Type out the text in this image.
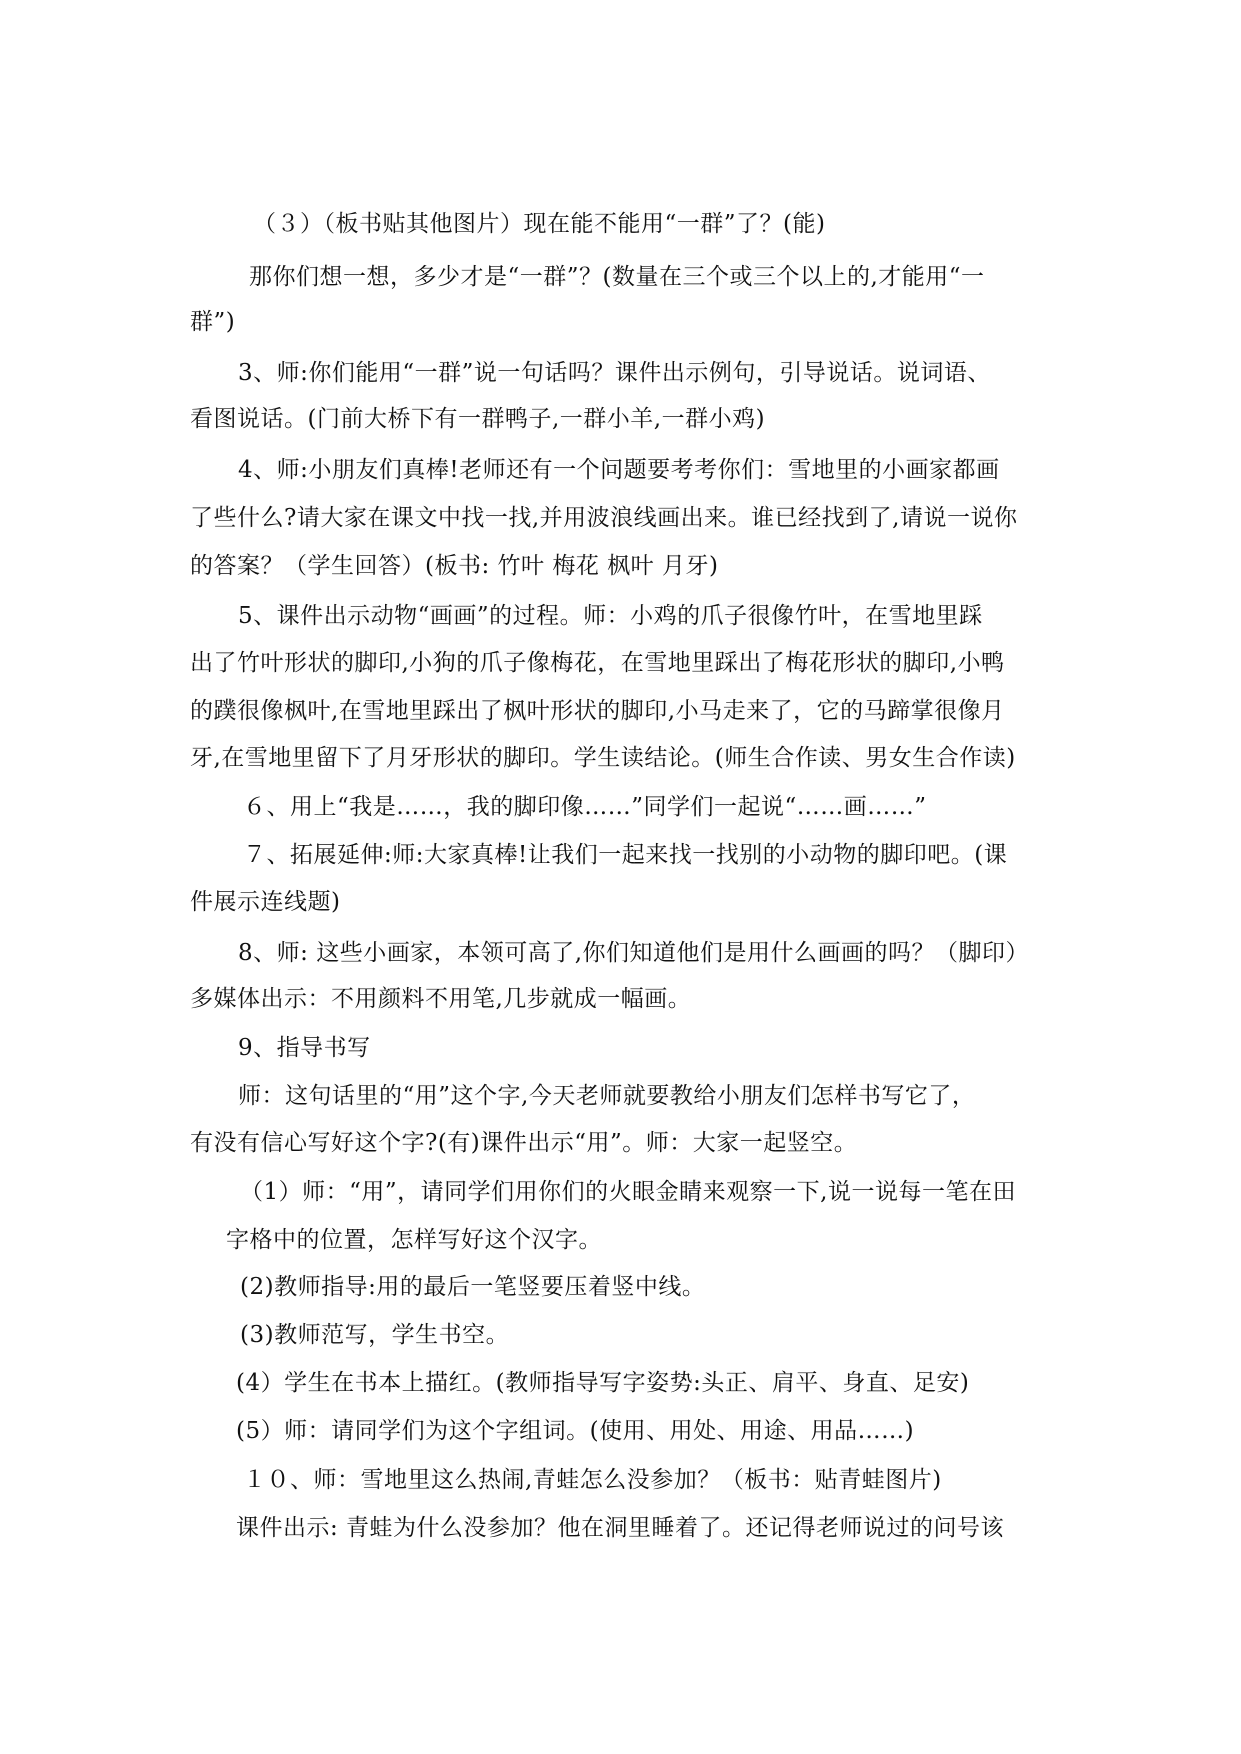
（３）（板书贴其他图片）现在能不能用“一群”了？(能)
那你们想一想，多少才是“一群”？(数量在三个或三个以上的,才能用“一
群”)
3、师:你们能用“一群”说一句话吗？课件出示例句，引导说话。说词语、
看图说话。(门前大桥下有一群鸭子,一群小羊,一群小鸡)
4、师:小朋友们真棒!老师还有一个问题要考考你们：雪地里的小画家都画
了些什么?请大家在课文中找一找,并用波浪线画出来。谁已经找到了,请说一说你
的答案？（学生回答）(板书: 竹叶 梅花 枫叶 月牙)
5、课件出示动物“画画”的过程。师：小鸡的爪子很像竹叶，在雪地里踩
出了竹叶形状的脚印,小狗的爪子像梅花，在雪地里踩出了梅花形状的脚印,小鸭
的蹼很像枫叶,在雪地里踩出了枫叶形状的脚印,小马走来了，它的马蹄掌很像月
牙,在雪地里留下了月牙形状的脚印。学生读结论。(师生合作读、男女生合作读)
６、用上“我是……，我的脚印像……”同学们一起说“……画……”
７、拓展延伸:师:大家真棒!让我们一起来找一找别的小动物的脚印吧。(课
件展示连线题)
8、师: 这些小画家，本领可高了,你们知道他们是用什么画画的吗？（脚印）
多媒体出示：不用颜料不用笔,几步就成一幅画。
9、指导书写
师：这句话里的“用”这个字,今天老师就要教给小朋友们怎样书写它了，
有没有信心写好这个字?(有)课件出示“用”。师：大家一起竖空。
（1）师：“用”，请同学们用你们的火眼金睛来观察一下,说一说每一笔在田
字格中的位置，怎样写好这个汉字。
(2)教师指导:用的最后一笔竖要压着竖中线。
(3)教师范写，学生书空。
(4）学生在书本上描红。(教师指导写字姿势:头正、肩平、身直、足安)
(5）师：请同学们为这个字组词。(使用、用处、用途、用品……)
１０、师：雪地里这么热闹,青蛙怎么没参加？（板书：贴青蛙图片)
课件出示: 青蛙为什么没参加？他在洞里睡着了。还记得老师说过的问号该
